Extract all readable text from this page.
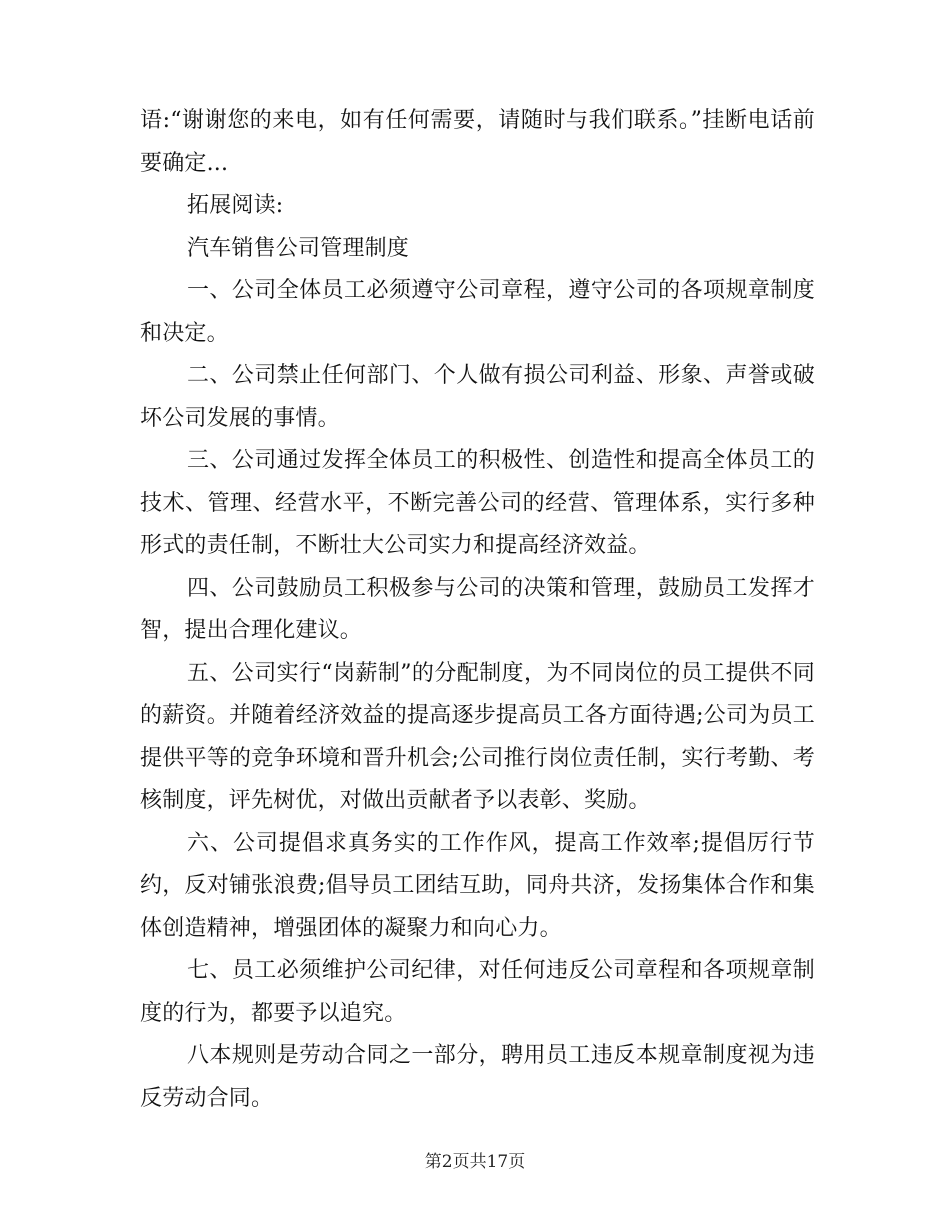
语:“谢谢您的来电，如有任何需要，请随时与我们联系。”挂断电话前要确定...

拓展阅读:

汽车销售公司管理制度

一、公司全体员工必须遵守公司章程，遵守公司的各项规章制度和决定。

二、公司禁止任何部门、个人做有损公司利益、形象、声誉或破坏公司发展的事情。

三、公司通过发挥全体员工的积极性、创造性和提高全体员工的技术、管理、经营水平，不断完善公司的经营、管理体系，实行多种形式的责任制，不断壮大公司实力和提高经济效益。

四、公司鼓励员工积极参与公司的决策和管理，鼓励员工发挥才智，提出合理化建议。

五、公司实行“岗薪制”的分配制度，为不同岗位的员工提供不同的薪资。并随着经济效益的提高逐步提高员工各方面待遇;公司为员工提供平等的竞争环境和晋升机会;公司推行岗位责任制，实行考勤、考核制度，评先树优，对做出贡献者予以表彰、奖励。

六、公司提倡求真务实的工作作风，提高工作效率;提倡厉行节约，反对铺张浪费;倡导员工团结互助，同舟共济，发扬集体合作和集体创造精神，增强团体的凝聚力和向心力。

七、员工必须维护公司纪律，对任何违反公司章程和各项规章制度的行为，都要予以追究。

八本规则是劳动合同之一部分，聘用员工违反本规章制度视为违反劳动合同。

第2页共17页
